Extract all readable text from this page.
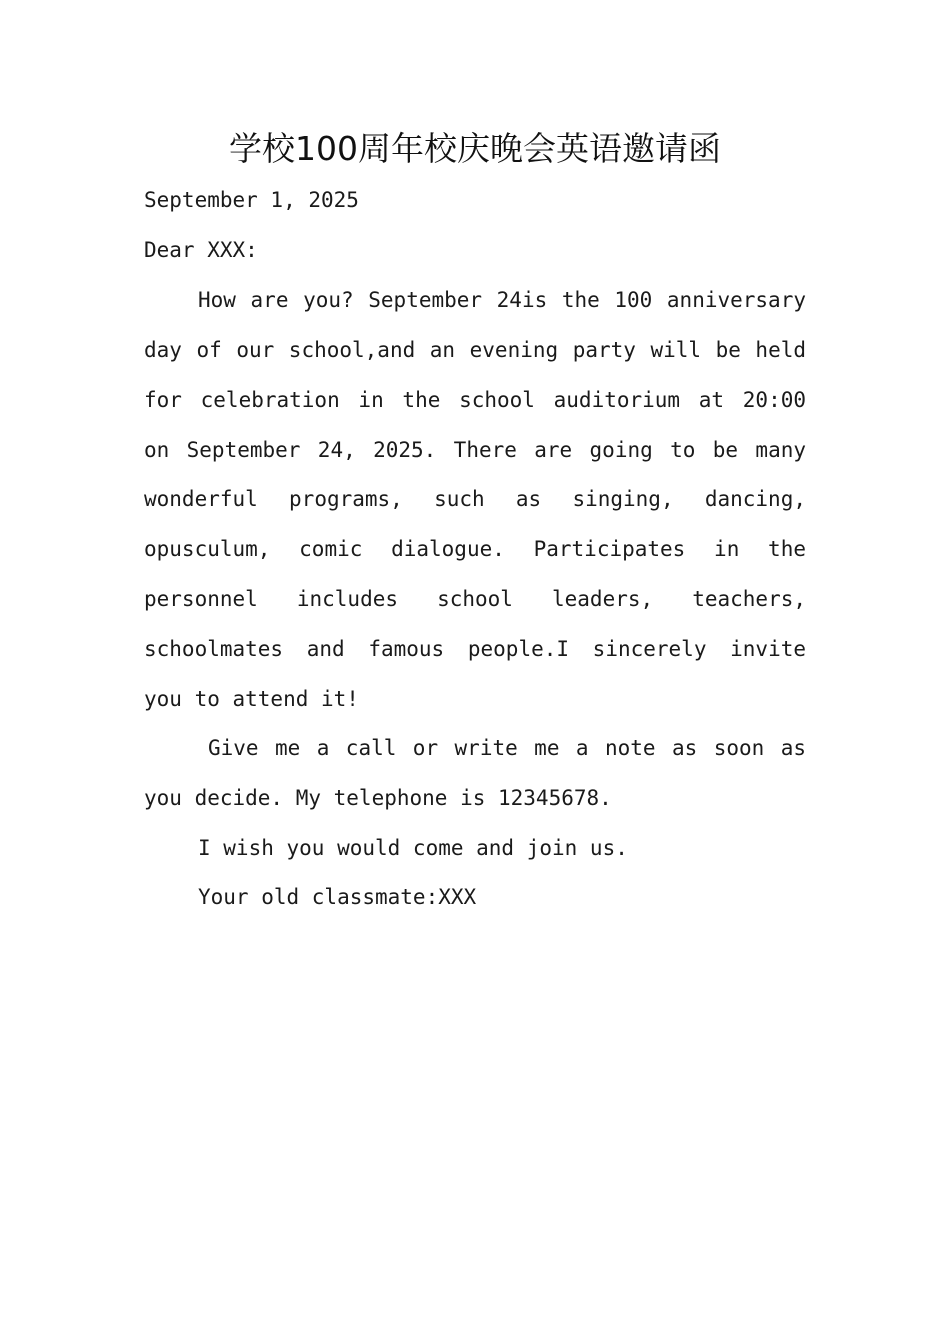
学校100周年校庆晚会英语邀请函
September 1, 2025
Dear XXX:
How are you? September 24is the 100 anniversary
day of our school,and an evening party will be held
for celebration in the school auditorium at 20:00
on September 24, 2025. There are going to be many
wonderful programs, such as singing, dancing,
opusculum, comic dialogue. Participates in the
personnel includes school leaders, teachers,
schoolmates and famous people.I sincerely invite
you to attend it!
Give me a call or write me a note as soon as
you decide. My telephone is 12345678.
I wish you would come and join us.
Your old classmate:XXX
